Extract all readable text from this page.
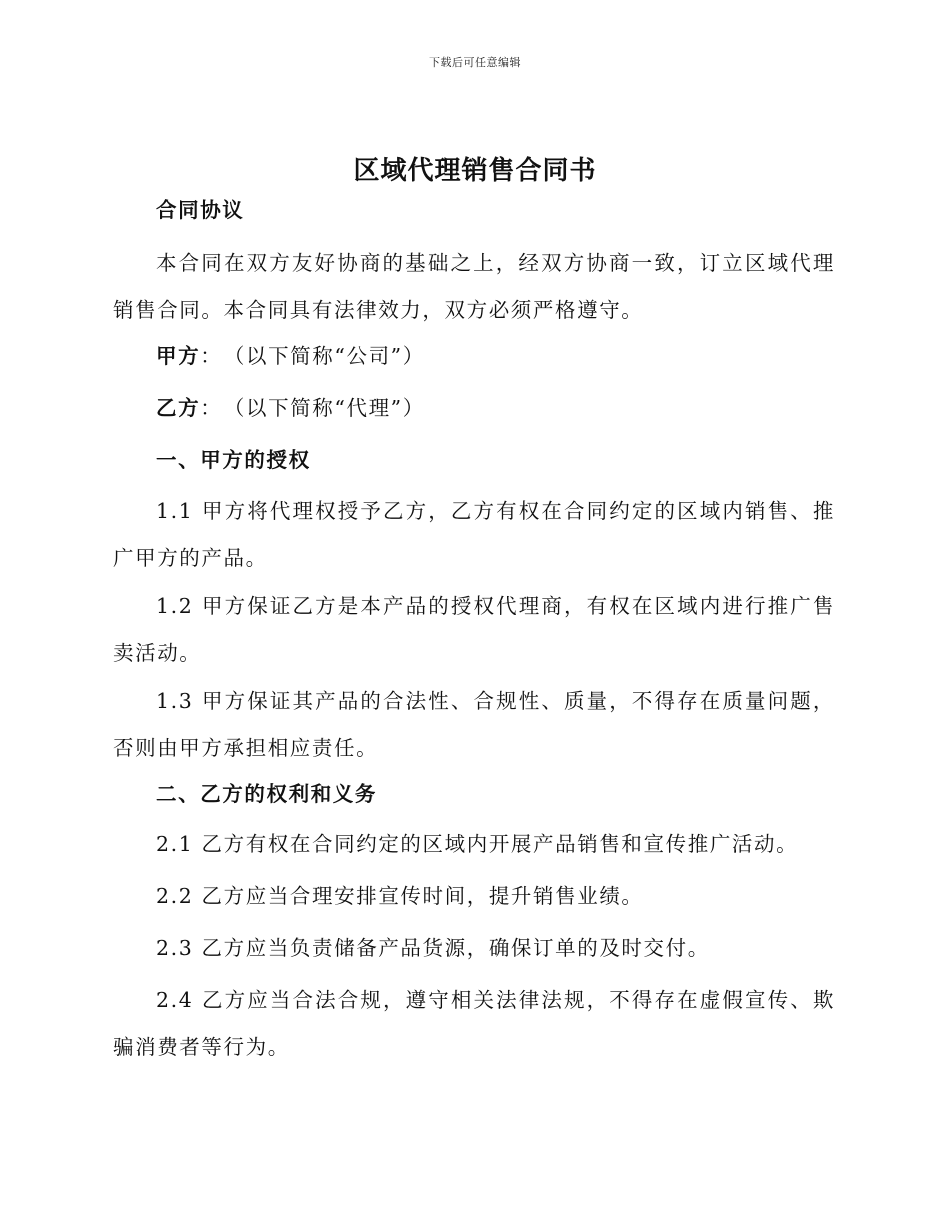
下载后可任意编辑
区域代理销售合同书

合同协议

本合同在双方友好协商的基础之上，经双方协商一致，订立区域代理销售合同。本合同具有法律效力，双方必须严格遵守。

甲方：　（以下简称“公司”）

乙方：　（以下简称“代理”）

一、甲方的授权

1.1 甲方将代理权授予乙方，乙方有权在合同约定的区域内销售、推广甲方的产品。

1.2 甲方保证乙方是本产品的授权代理商，有权在区域内进行推广售卖活动。

1.3 甲方保证其产品的合法性、合规性、质量，不得存在质量问题，否则由甲方承担相应责任。

二、乙方的权利和义务

2.1 乙方有权在合同约定的区域内开展产品销售和宣传推广活动。

2.2 乙方应当合理安排宣传时间，提升销售业绩。

2.3 乙方应当负责储备产品货源，确保订单的及时交付。

2.4 乙方应当合法合规，遵守相关法律法规，不得存在虚假宣传、欺骗消费者等行为。
